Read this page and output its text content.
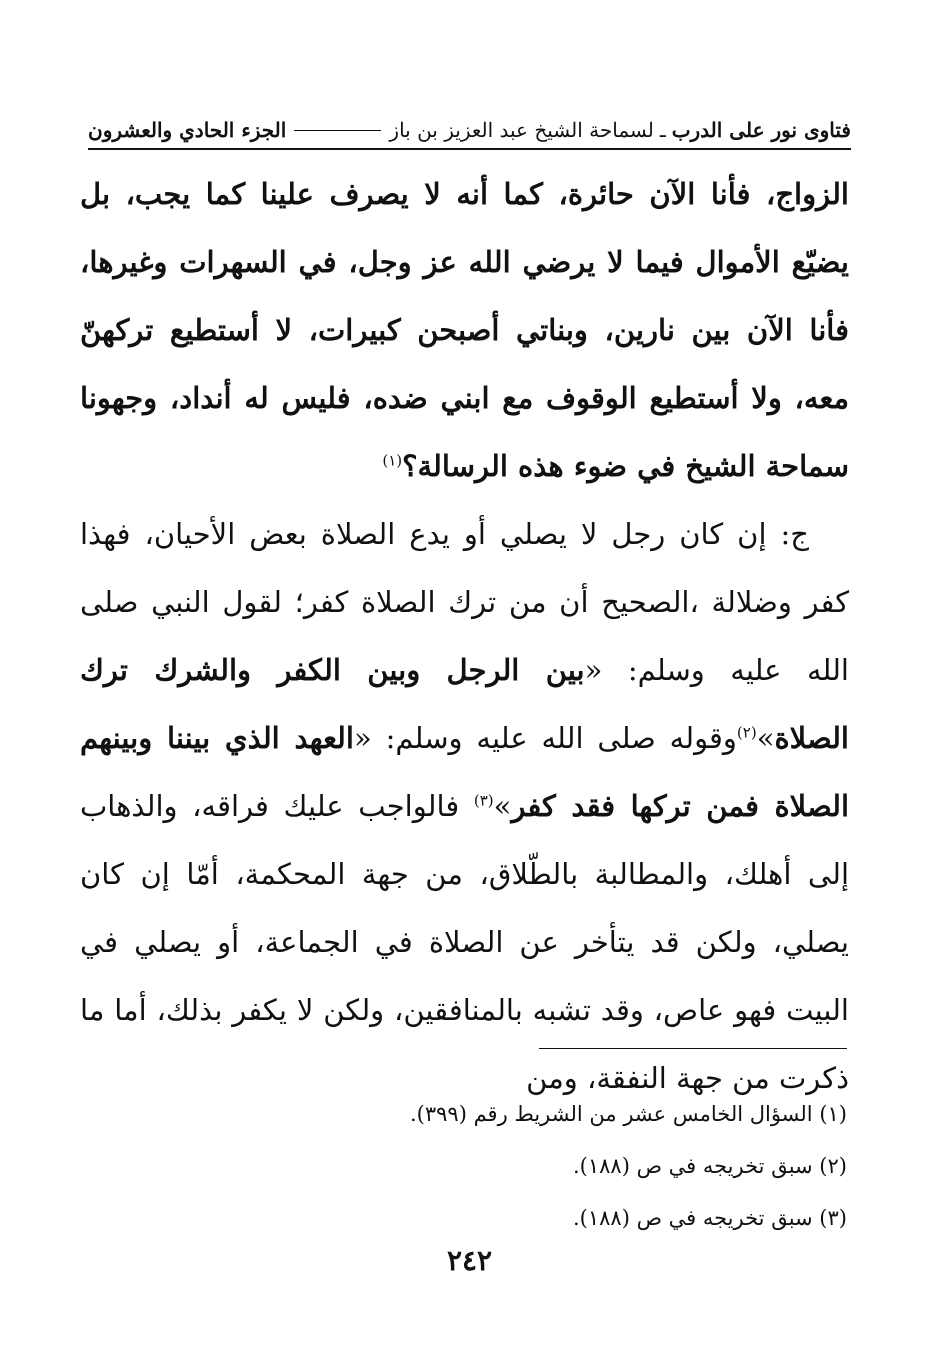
فتاوى نور على الدرب
ـ
لسماحة الشيخ عبد العزيز بن باز
الجزء الحادي والعشرون

الزواج، فأنا الآن حائرة، كما أنه لا يصرف علينا كما يجب، بل يضيّع الأموال فيما لا يرضي الله عز وجل، في السهرات وغيرها، فأنا الآن بين نارين، وبناتي أصبحن كبيرات، لا أستطيع تركهنّ معه، ولا أستطيع الوقوف مع ابني ضده، فليس له أنداد، وجهونا سماحة الشيخ في ضوء هذه الرسالة؟$^{(١)}$

ج: إن كان رجل لا يصلي أو يدع الصلاة بعض الأحيان، فهذا كفر وضلالة ،الصحيح أن من ترك الصلاة كفر؛ لقول النبي صلى الله عليه وسلم: «بين الرجل وبين الكفر والشرك ترك الصلاة»$^{(٢)}$وقوله صلى الله عليه وسلم: «العهد الذي بيننا وبينهم الصلاة فمن تركها فقد كفر»$^{(٣)}$ فالواجب عليك فراقه، والذهاب إلى أهلك، والمطالبة بالطّلاق، من جهة المحكمة، أمّا إن كان يصلي، ولكن قد يتأخر عن الصلاة في الجماعة، أو يصلي في البيت فهو عاص، وقد تشبه بالمنافقين، ولكن لا يكفر بذلك، أما ما ذكرت من جهة النفقة، ومن

(١) السؤال الخامس عشر من الشريط رقم (٣٩٩).

(٢) سبق تخريجه في ص (١٨٨).

(٣) سبق تخريجه في ص (١٨٨).

٢٤٢
